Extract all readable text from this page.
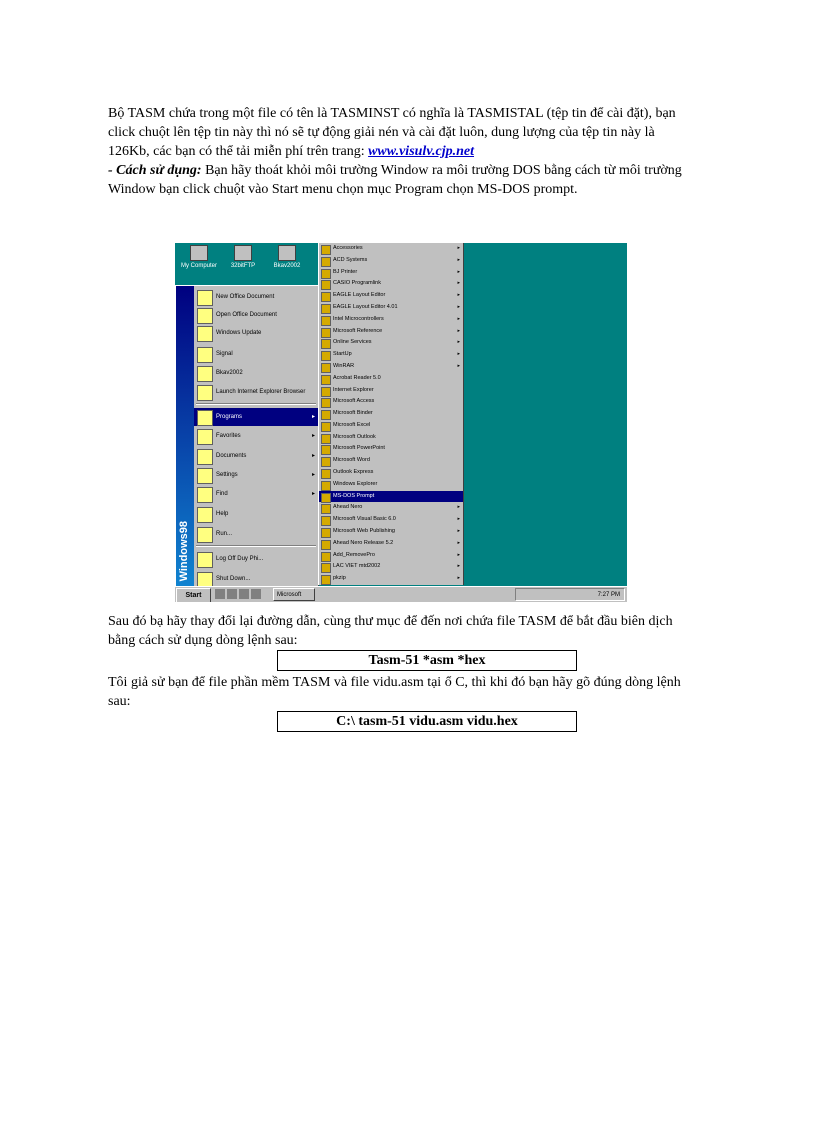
Bộ TASM chứa trong một file có tên là TASMINST có nghĩa là TASMISTAL (tệp tin để cài đặt), bạn click chuột lên tệp tin này thì nó sẽ tự động giải nén và cài đặt luôn, dung lượng của tệp tin này là 126Kb, các bạn có thể tải miễn phí trên trang: www.visulv.cjp.net
- Cách sử dụng: Bạn hãy thoát khỏi môi trường Window ra môi trường DOS bằng cách từ môi trường Window bạn click chuột vào Start menu chọn mục Program chọn MS-DOS prompt.
My Computer	32bitFTP	Bkav2002
Windows98
New Office Document
Open Office Document
Windows Update
Signal
Bkav2002
Launch Internet Explorer Browser
Programs	▸
Favorites	▸
Documents	▸
Settings	▸
Find	▸
Help
Run...
Log Off Duy Phi...
Shut Down...
Accessories	▸
ACD Systems	▸
BJ Printer	▸
CASIO Programlink	▸
EAGLE Layout Editor	▸
EAGLE Layout Editor 4.01	▸
Intel Microcontrollers	▸
Microsoft Reference	▸
Online Services	▸
StartUp	▸
WinRAR	▸
Acrobat Reader 5.0
Internet Explorer
Microsoft Access
Microsoft Binder
Microsoft Excel
Microsoft Outlook
Microsoft PowerPoint
Microsoft Word
Outlook Express
Windows Explorer
MS-DOS Prompt
Ahead Nero	▸
Microsoft Visual Basic 6.0	▸
Microsoft Web Publishing	▸
Ahead Nero Release 5.2	▸
Add_RemovePro	▸
LAC VIET mtd2002	▸
pkzip	▸
Start	Microsoft	7:27 PM
Sau đó bạ hãy thay đổi lại đường dẫn, cùng thư mục để đến nơi chứa file TASM để bắt đầu biên dịch bằng cách sử dụng dòng lệnh sau:
Tasm-51 *asm *hex
Tôi giả sử bạn để file phần mềm TASM và file vidu.asm tại ổ C, thì khi đó bạn hãy gõ đúng dòng lệnh sau:
C:\ tasm-51 vidu.asm vidu.hex
